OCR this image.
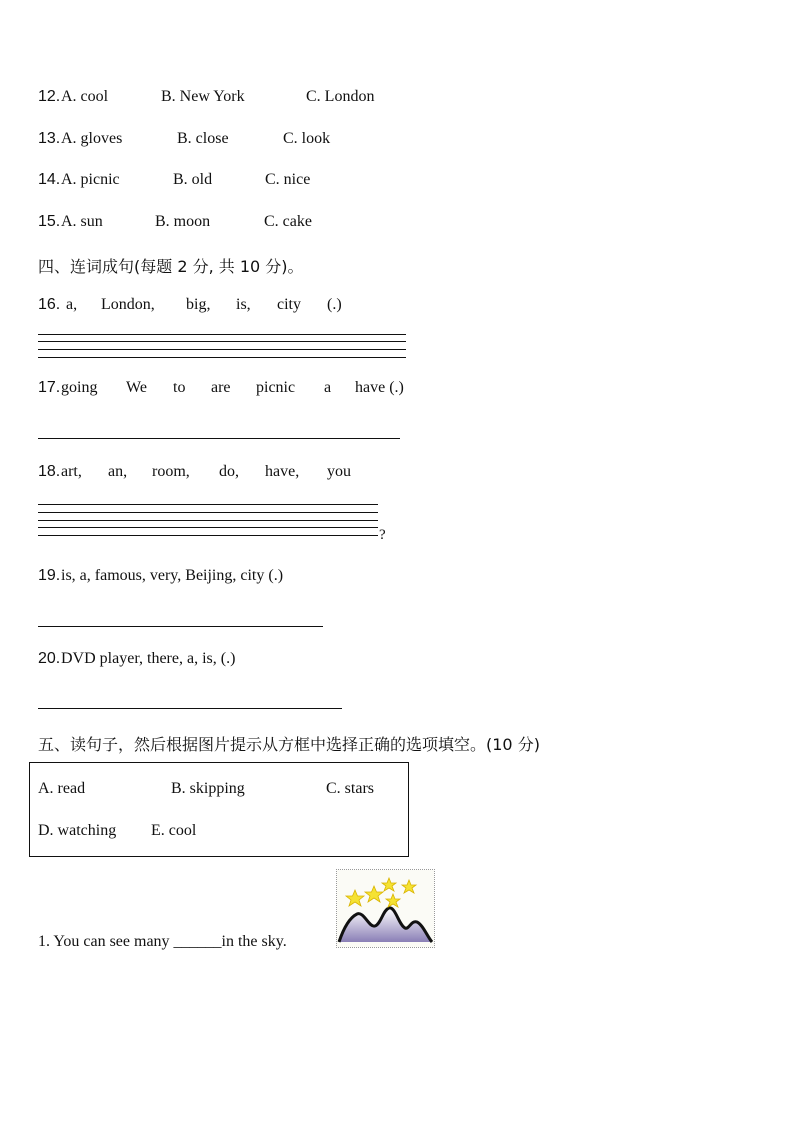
12. A. cool	B. New York	C. London
13. A. gloves	B. close	C. look
14. A. picnic	B. old	C. nice
15. A. sun	B. moon	C. cake
四、连词成句(每题 2 分, 共 10 分)。
16. a, London, big, is, city (.)
17. going We to are picnic a have (.)
18. art, an, room, do, have, you
?
19. is, a, famous, very, Beijing, city (.)
20. DVD player, there, a, is, (.)
五、读句子，然后根据图片提示从方框中选择正确的选项填空。(10 分)
A. read	B. skipping	C. stars
D. watching E. cool
1. You can see many ______in the sky.
